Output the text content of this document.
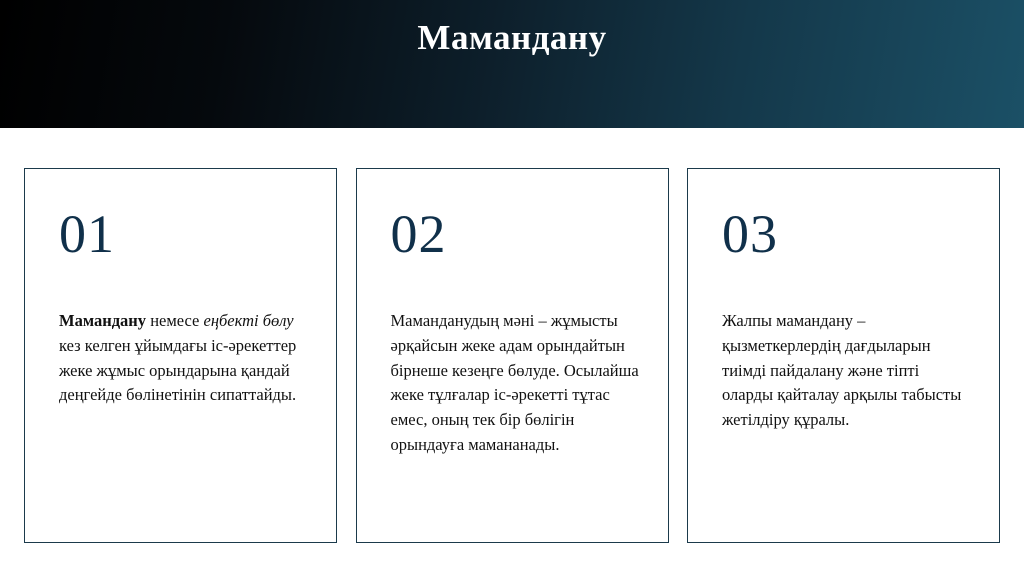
Мамандану
01
Мамандану немесе еңбекті бөлу кез келген ұйымдағы іс-әрекеттер жеке жұмыс орындарына қандай деңгейде бөлінетінін сипаттайды.
02
Маманданудың мәні – жұмысты әрқайсын жеке адам орындайтын бірнеше кезеңге бөлуде. Осылайша жеке тұлғалар іс-әрекетті тұтас емес, оның тек бір бөлігін орындауға мамананады.
03
Жалпы мамандану – қызметкерлердің дағдыларын тиімді пайдалану және тіпті оларды қайталау арқылы табысты жетілдіру құралы.
